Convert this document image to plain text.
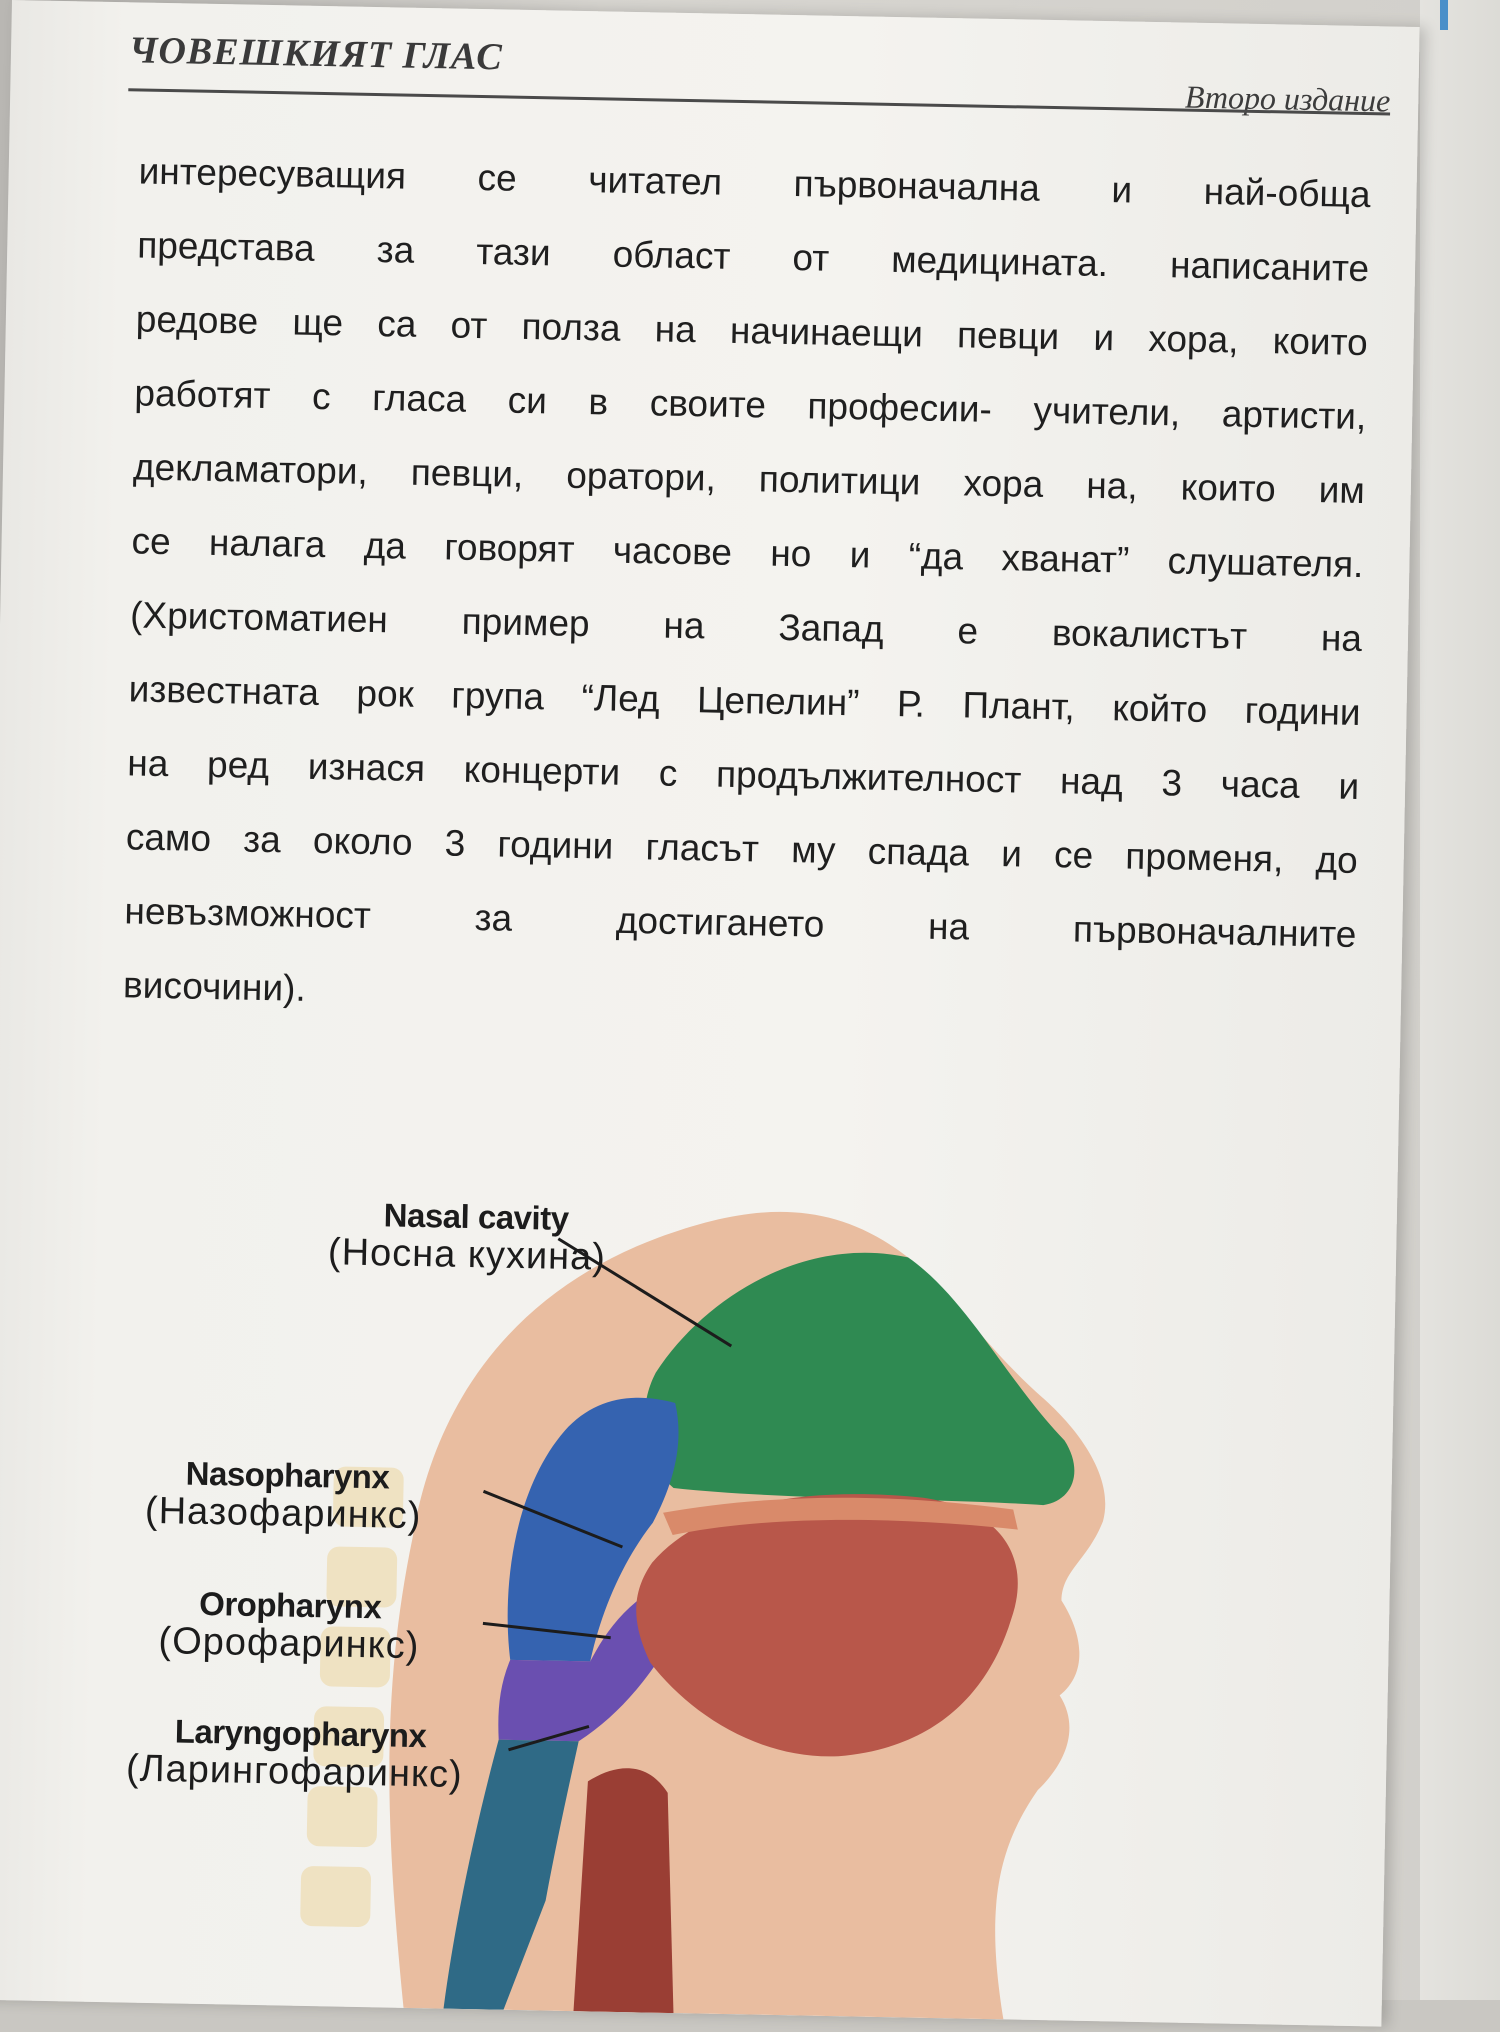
ЧОВЕШКИЯТ ГЛАС
Второ издание
интересуващия се читател първоначална и най-обща
представа за тази област от медицината. написаните
редове ще са от полза на начинаещи певци и хора, които
работят с гласа си в своите професии- учители, артисти,
декламатори, певци, оратори, политици хора на, които им
се налага да говорят часове но и “да хванат” слушателя.
(Христоматиен пример на Запад е вокалистът на
известната рок група “Лед Цепелин” Р. Плант, който години
на ред изнася концерти с продължителност над 3 часа и
само за около 3 години гласът му спада и се променя, до
невъзможност за достигането на първоначалните
височини).
Nasal cavity
(Носна кухина)
Nasopharynx
(Назофаринкс)
Oropharynx
(Орофаринкс)
Laryngopharynx
(Ларингофаринкс)
